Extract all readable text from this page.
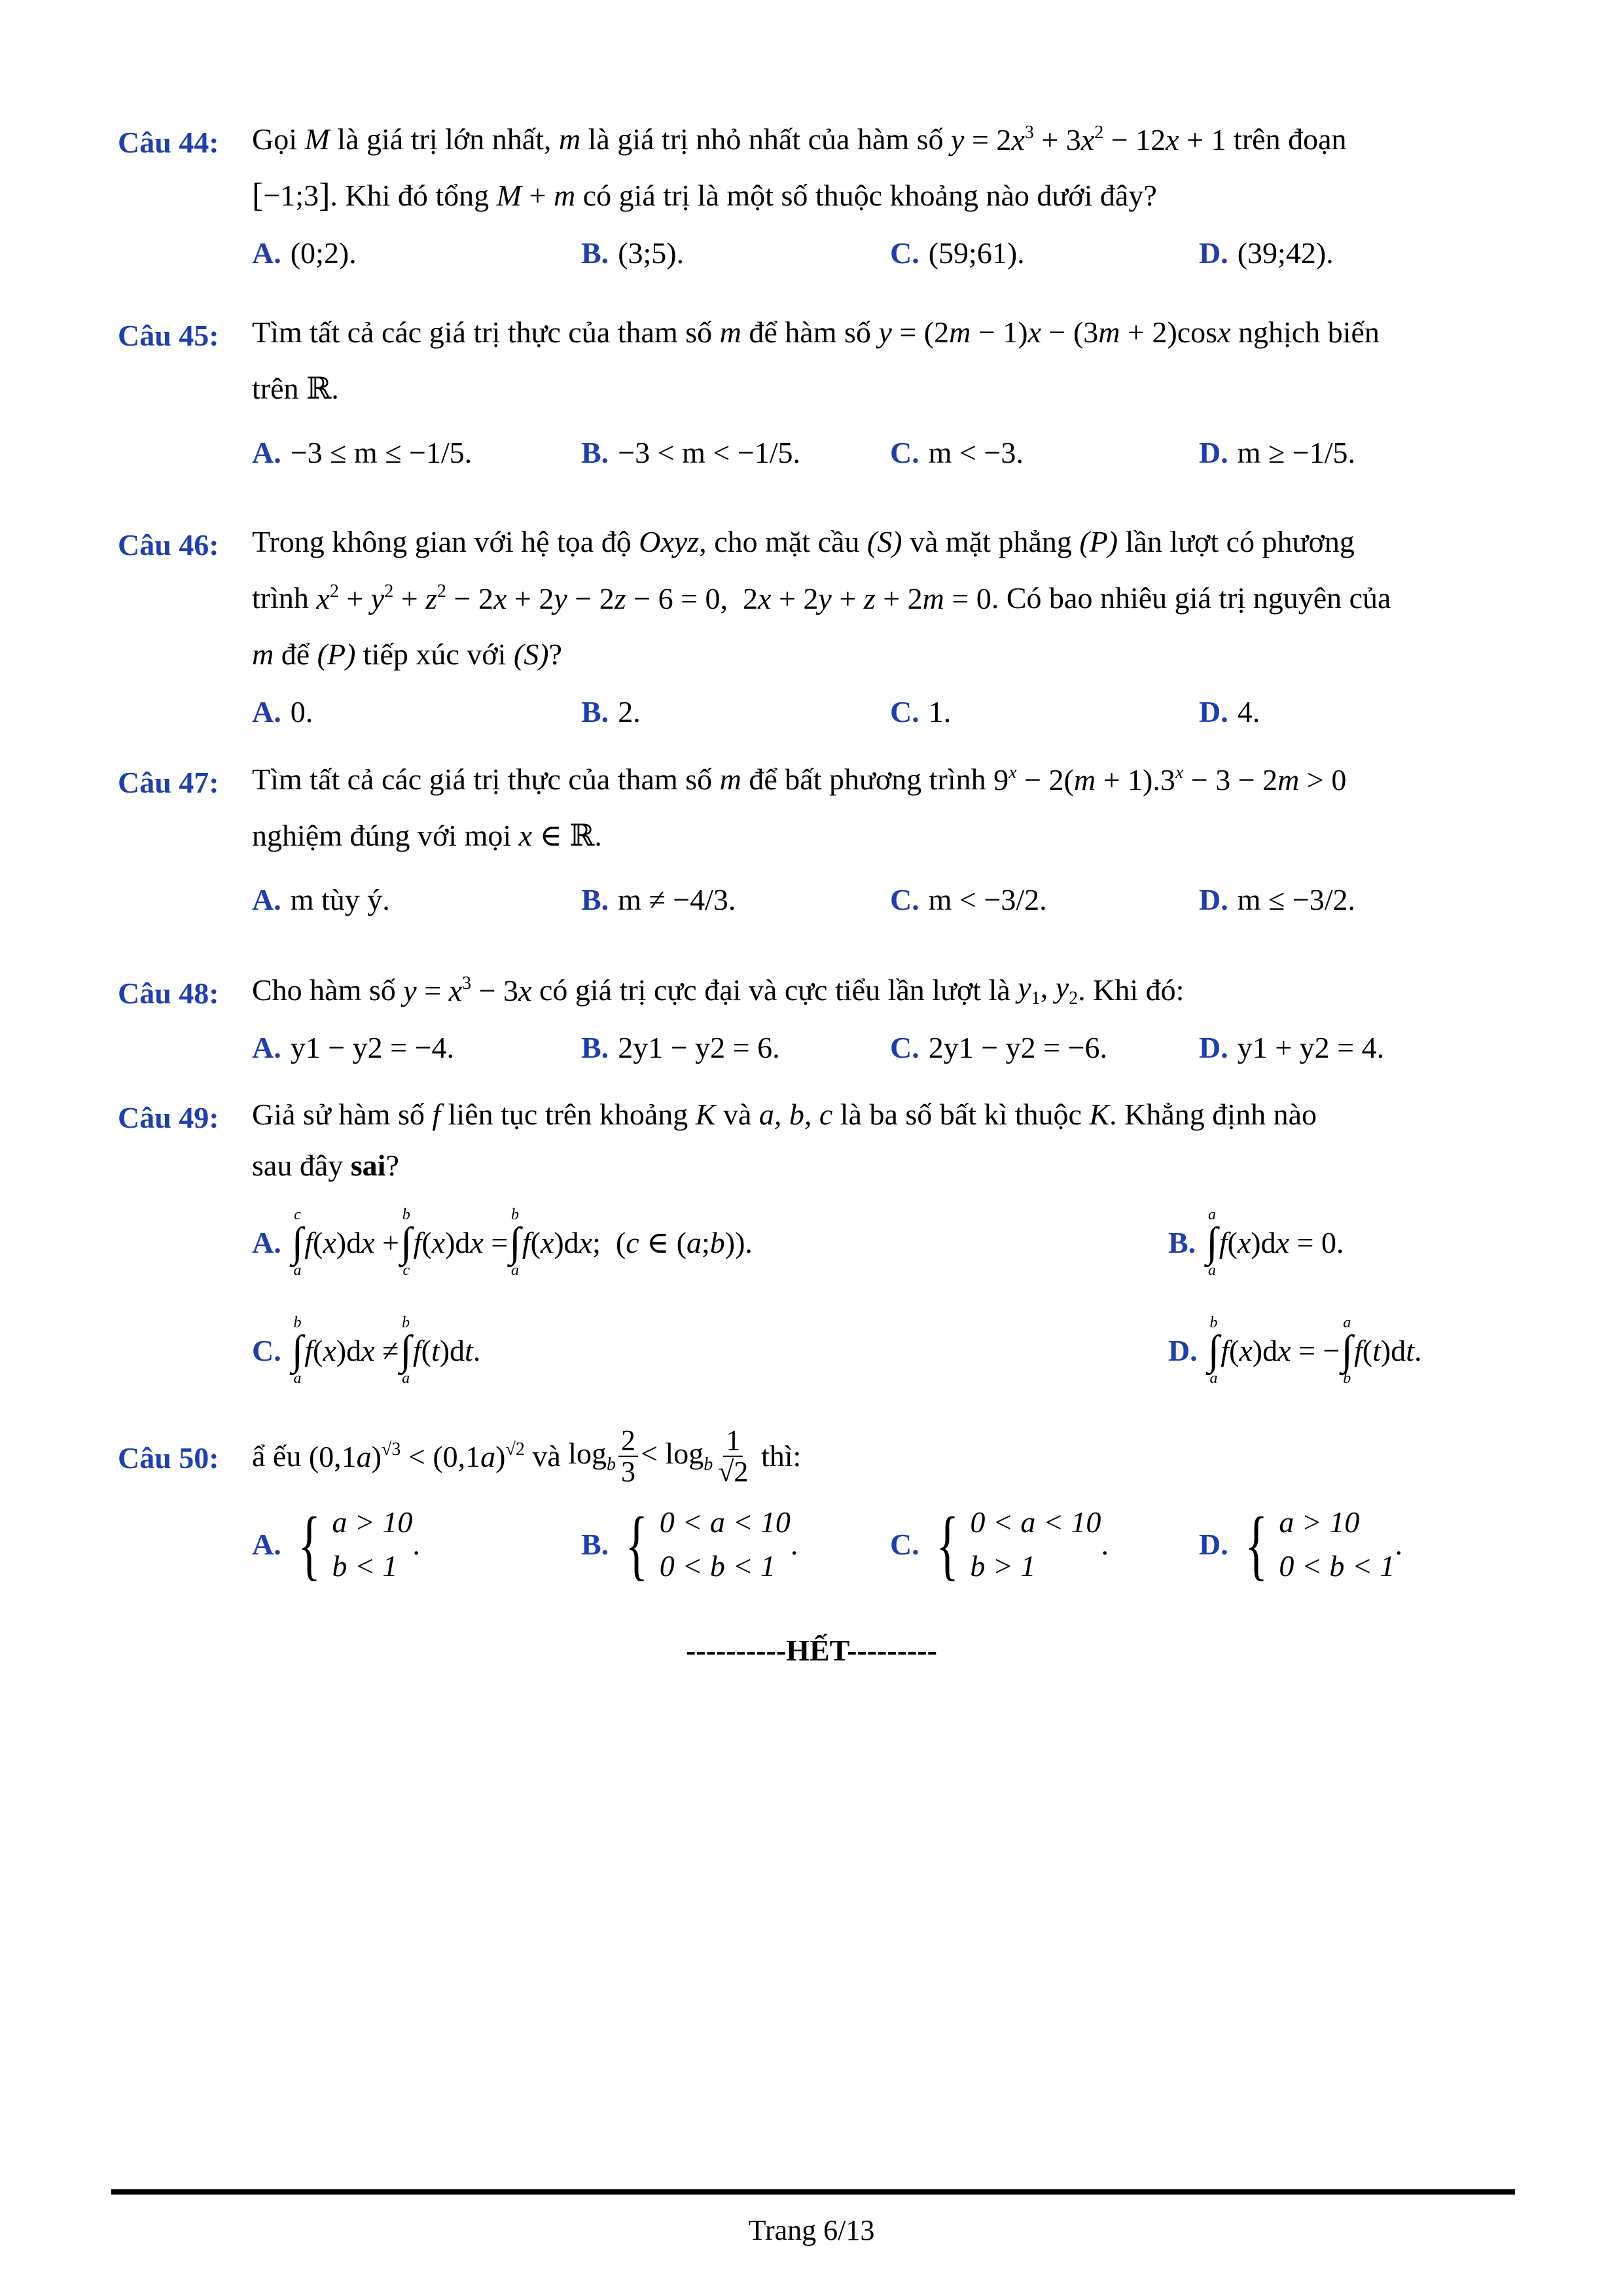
Câu 44: Gọi
M
là giá trị lớn nhất,
m
là giá trị nhỏ nhất của hàm số
$y = 2x^3 + 3x^2 - 12x + 1$
trên đoạn
[ −1;3 ] . Khi đó tổng
M + m
có giá trị là một số thuộc khoảng nào dưới đây?
A. (0;2).	B. (3;5).	C. (59;61).	D. (39;42).
Câu 45: Tìm tất cả các giá trị thực của tham số
m
để hàm số
y = (2m − 1)x − (3m + 2)cosx
nghịch biến
trên ℝ.
A. −3 ≤ m ≤ −1/5.	B. −3 < m < −1/5.	C. m < −3.	D. m ≥ −1/5.
Câu 46: Trong không gian với hệ tọa độ
Oxyz,
cho mặt cầu
(S)
và mặt phẳng
(P)
lần lượt có phương
trình
$x^2 + y^2 + z^2 - 2x + 2y - 2z - 6 = 0$,  2x + 2y + z + 2m = 0 . Có bao nhiêu giá trị nguyên của
m
để
(P)
tiếp xúc với
(S) ?
A. 0.	B. 2.	C. 1.	D. 4.
Câu 47: Tìm tất cả các giá trị thực của tham số
m
để bất phương trình
$9^x - 2(m + 1).3^x - 3 - 2m > 0$
nghiệm đúng với mọi
x ∈ ℝ.
A. m tùy ý.	B. m ≠ −4/3.	C. m < −3/2.	D. m ≤ −3/2.
Câu 48: Cho hàm số
$y = x^3 - 3x$
có giá trị cực đại và cực tiểu lần lượt là
$y_1$, $y_2$ . Khi đó:
A. y1 − y2 = −4.	B. 2y1 − y2 = 6.	C. 2y1 − y2 = −6.	D. y1 + y2 = 4.
Câu 49: Giả sử hàm số
f
liên tục trên khoảng
K
và
a, b, c
là ba số bất kì thuộc
K . Khẳng định nào
sau đây
sai ?
A.
c
∫
a
f(x)dx +
b
∫
c
f(x)dx =
b
∫
a
f(x)dx;  (c ∈ (a;b)).	B.
a
∫
a
f(x)dx = 0.
C.
b
∫
a
f(x)dx ≠
b
∫
a
f(t)dt.	D.
b
∫
a
f(x)dx = −
a
∫
b
f(t)dt.
Câu 50: ẩ ếu
$(0,1a)^{√3} < (0,1a)^{√2}$
và
$\log_b \frac{2}{3} < \log_b \frac{1}{√2}$
thì:
A. { a > 10
b < 1
.	B. { 0 < a < 10
0 < b < 1
.	C. { 0 < a < 10
b > 1
.	D. { a > 10
0 < b < 1
.
----------HẾT---------
Trang 6/13
